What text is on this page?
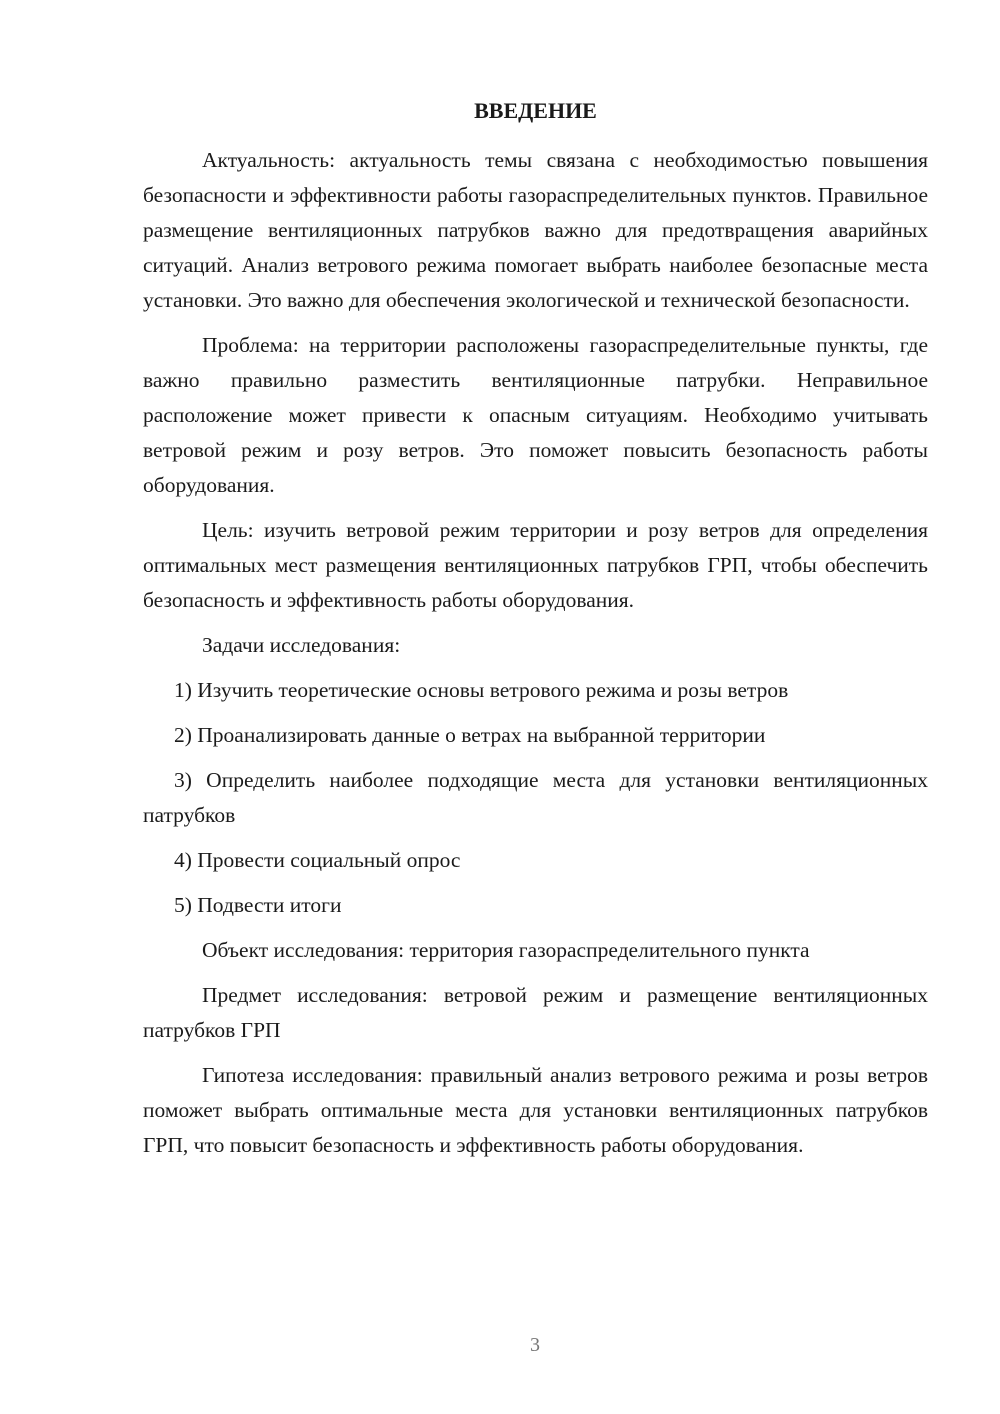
ВВЕДЕНИЕ

Актуальность: актуальность темы связана с необходимостью повышения безопасности и эффективности работы газораспределительных пунктов. Правильное размещение вентиляционных патрубков важно для предотвращения аварийных ситуаций. Анализ ветрового режима помогает выбрать наиболее безопасные места установки. Это важно для обеспечения экологической и технической безопасности.

Проблема: на территории расположены газораспределительные пункты, где важно правильно разместить вентиляционные патрубки. Неправильное расположение может привести к опасным ситуациям. Необходимо учитывать ветровой режим и розу ветров. Это поможет повысить безопасность работы оборудования.

Цель: изучить ветровой режим территории и розу ветров для определения оптимальных мест размещения вентиляционных патрубков ГРП, чтобы обеспечить безопасность и эффективность работы оборудования.

Задачи исследования:

1) Изучить теоретические основы ветрового режима и розы ветров

2) Проанализировать данные о ветрах на выбранной территории

3) Определить наиболее подходящие места для установки вентиляционных патрубков

4) Провести социальный опрос

5) Подвести итоги

Объект исследования: территория газораспределительного пункта

Предмет исследования: ветровой режим и размещение вентиляционных патрубков ГРП

Гипотеза исследования: правильный анализ ветрового режима и розы ветров поможет выбрать оптимальные места для установки вентиляционных патрубков ГРП, что повысит безопасность и эффективность работы оборудования.

3
